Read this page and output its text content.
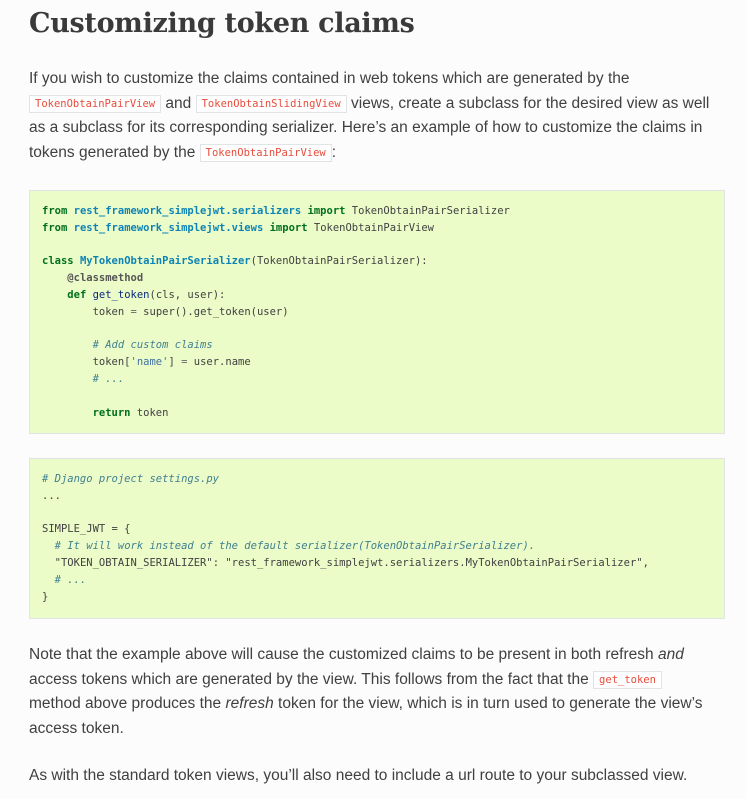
Customizing token claims

If you wish to customize the claims contained in web tokens which are generated by the
TokenObtainPairView and TokenObtainSlidingView views, create a subclass for the desired view as well as a subclass for its corresponding serializer. Here’s an example of how to customize the claims in tokens generated by the TokenObtainPairView :

from rest_framework_simplejwt.serializers import TokenObtainPairSerializer
from rest_framework_simplejwt.views import TokenObtainPairView

class MyTokenObtainPairSerializer(TokenObtainPairSerializer):
@classmethod
def get_token(cls, user):
token = super().get_token(user)

# Add custom claims
token['name'] = user.name
# ...

return token
# Django project settings.py
...

SIMPLE_JWT = {
# It will work instead of the default serializer(TokenObtainPairSerializer).
"TOKEN_OBTAIN_SERIALIZER": "rest_framework_simplejwt.serializers.MyTokenObtainPairSerializer",
# ...
}

Note that the example above will cause the customized claims to be present in both refresh and
access tokens which are generated by the view. This follows from the fact that the get_token
method above produces the refresh token for the view, which is in turn used to generate the view’s access token.

As with the standard token views, you’ll also need to include a url route to your subclassed view.
